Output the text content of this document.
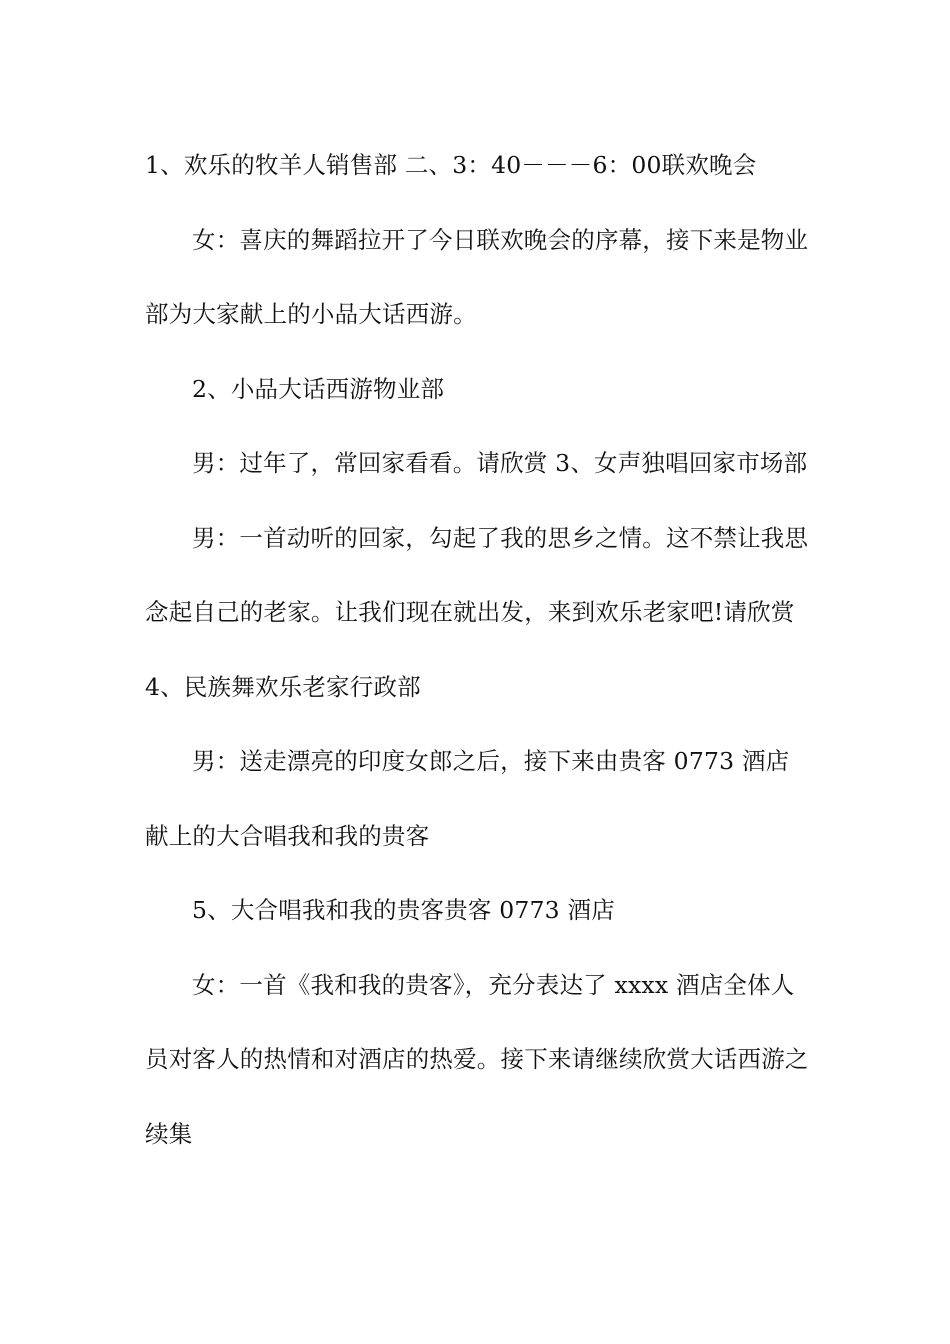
1、欢乐的牧羊人销售部 二、3：40－－－6：00联欢晚会

女：喜庆的舞蹈拉开了今日联欢晚会的序幕，接下来是物业部为大家献上的小品大话西游。

2、小品大话西游物业部

男：过年了，常回家看看。请欣赏 3、女声独唱回家市场部

男：一首动听的回家，勾起了我的思乡之情。这不禁让我思念起自己的老家。让我们现在就出发，来到欢乐老家吧!请欣赏 4、民族舞欢乐老家行政部

男：送走漂亮的印度女郎之后，接下来由贵客 0773 酒店献上的大合唱我和我的贵客

5、大合唱我和我的贵客贵客 0773 酒店

女：一首《我和我的贵客》，充分表达了 xxxx 酒店全体人员对客人的热情和对酒店的热爱。接下来请继续欣赏大话西游之续集
